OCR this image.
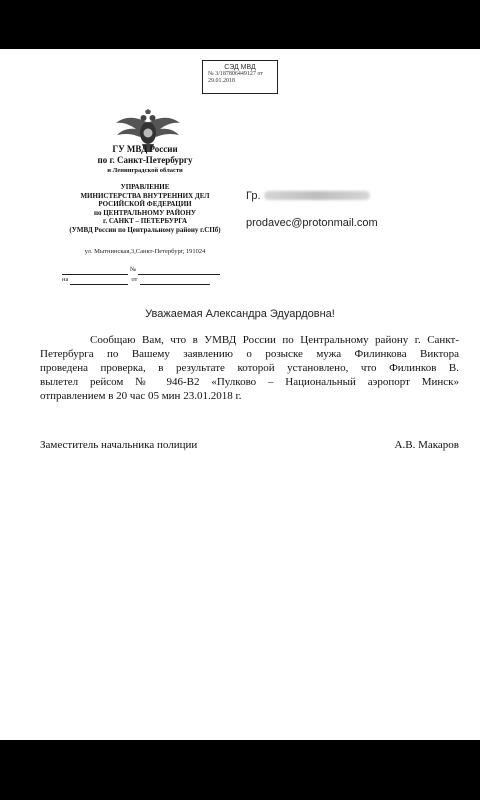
СЭД МВД
№ 3/187806449127 от
29.01.2018
ГУ МВД России
по г. Санкт-Петербургу
и Ленинградской области
УПРАВЛЕНИЕ
МИНИСТЕРСТВА ВНУТРЕННИХ ДЕЛ
РОСИЙСКОЙ ФЕДЕРАЦИИ
по ЦЕНТРАЛЬНОМУ РАЙОНУ
г. САНКТ – ПЕТЕРБУРГА
(УМВД России по Центральному району г.СПб)
ул. Мытнинская,3,Санкт-Петербург, 191024
№
на	от
Гр.
prodavec@protonmail.com
Уважаемая Александра Эдуардовна!
Сообщаю Вам, что в УМВД России по Центральному району г. Санкт-
Петербурга по Вашему заявлению о розыске мужа Филинкова Виктора
проведена проверка, в результате которой установлено, что Филинков В.
вылетел рейсом № 946-В2 «Пулково – Национальный аэропорт Минск»
отправлением в 20 час 05 мин 23.01.2018 г.
Заместитель начальника полиции	А.В. Макаров
